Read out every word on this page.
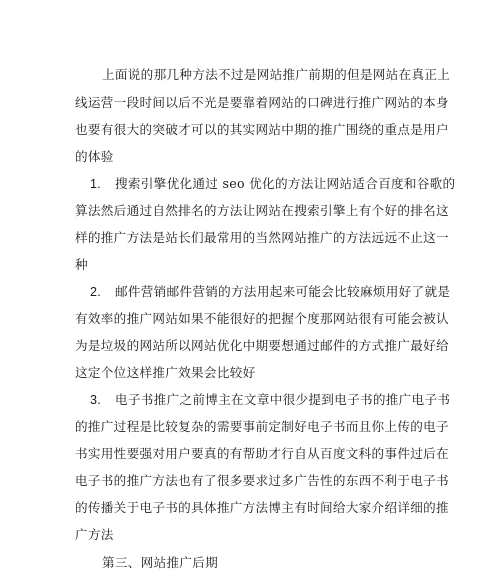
上面说的那几种方法不过是网站推广前期的但是网站在真正上
线运营一段时间以后不光是要靠着网站的口碑进行推广网站的本身
也要有很大的突破才可以的其实网站中期的推广围绕的重点是用户
的体验
1. 搜索引擎优化通过 seo 优化的方法让网站适合百度和谷歌的
算法然后通过自然排名的方法让网站在搜索引擎上有个好的排名这
样的推广方法是站长们最常用的当然网站推广的方法远远不止这一
种
2. 邮件营销邮件营销的方法用起来可能会比较麻烦用好了就是
有效率的推广网站如果不能很好的把握个度那网站很有可能会被认
为是垃圾的网站所以网站优化中期要想通过邮件的方式推广最好给
这定个位这样推广效果会比较好
3. 电子书推广之前博主在文章中很少提到电子书的推广电子书
的推广过程是比较复杂的需要事前定制好电子书而且你上传的电子
书实用性要强对用户要真的有帮助才行自从百度文科的事件过后在
电子书的推广方法也有了很多要求过多广告性的东西不利于电子书
的传播关于电子书的具体推广方法博主有时间给大家介绍详细的推
广方法
第三、网站推广后期
